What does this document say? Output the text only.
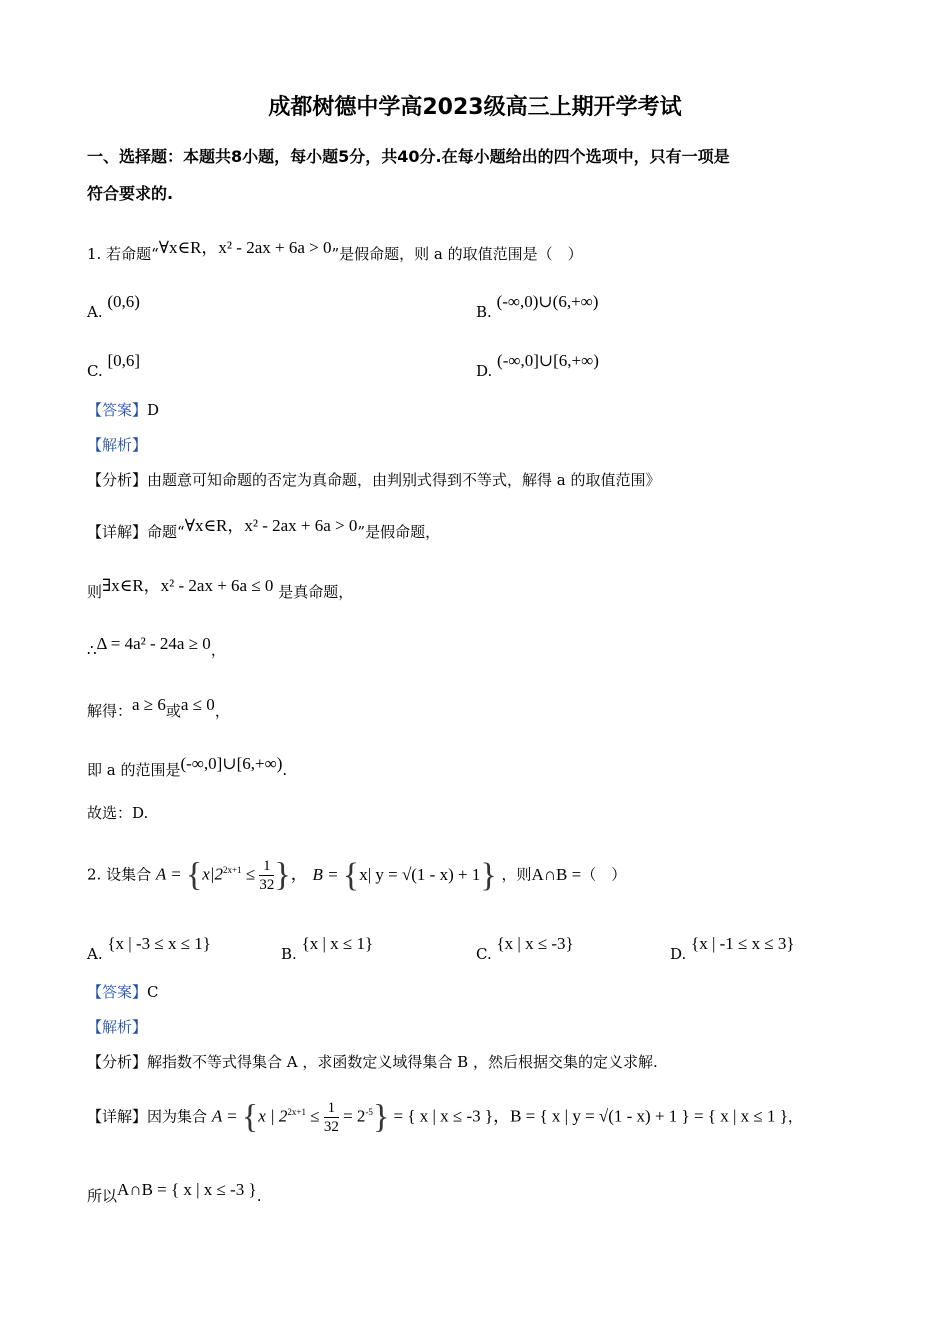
成都树德中学高2023级高三上期开学考试
一、选择题：本题共8小题，每小题5分，共40分.在每小题给出的四个选项中，只有一项是
符合要求的.
1. 若命题“∀x∈R，x² - 2ax + 6a > 0”是假命题，则 a 的取值范围是（　）
A. (0,6)
B. (-∞,0)∪(6,+∞)
C. [0,6]
D. (-∞,0]∪[6,+∞)
【答案】D
【解析】
【分析】由题意可知命题的否定为真命题，由判别式得到不等式，解得 a 的取值范围》
【详解】命题“∀x∈R，x² - 2ax + 6a > 0”是假命题，
则∃x∈R，x² - 2ax + 6a ≤ 0 是真命题，
∴Δ = 4a² - 24a ≥ 0，
解得：a ≥ 6或a ≤ 0，
即 a 的范围是(-∞,0]∪[6,+∞).
故选：D.
2. 设集合 $A = \{x|2^{2x+1} \le \frac{1}{32}$ }， B = {x| y = √(1 - x) + 1} ，则A∩B =（　）
A. {x | -3 ≤ x ≤ 1}
B. {x | x ≤ 1}
C. {x | x ≤ -3}
D. {x | -1 ≤ x ≤ 3}
【答案】C
【解析】
【分析】解指数不等式得集合 A ，求函数定义域得集合 B ，然后根据交集的定义求解.
【详解】因为集合 A = {x | $2^{2x+1} \le \frac{1}{32} = 2^{-5}$} = { x | x ≤ -3 }，B = { x | y = √(1 - x) + 1 } = { x | x ≤ 1 }，
所以A∩B = { x | x ≤ -3 }.
